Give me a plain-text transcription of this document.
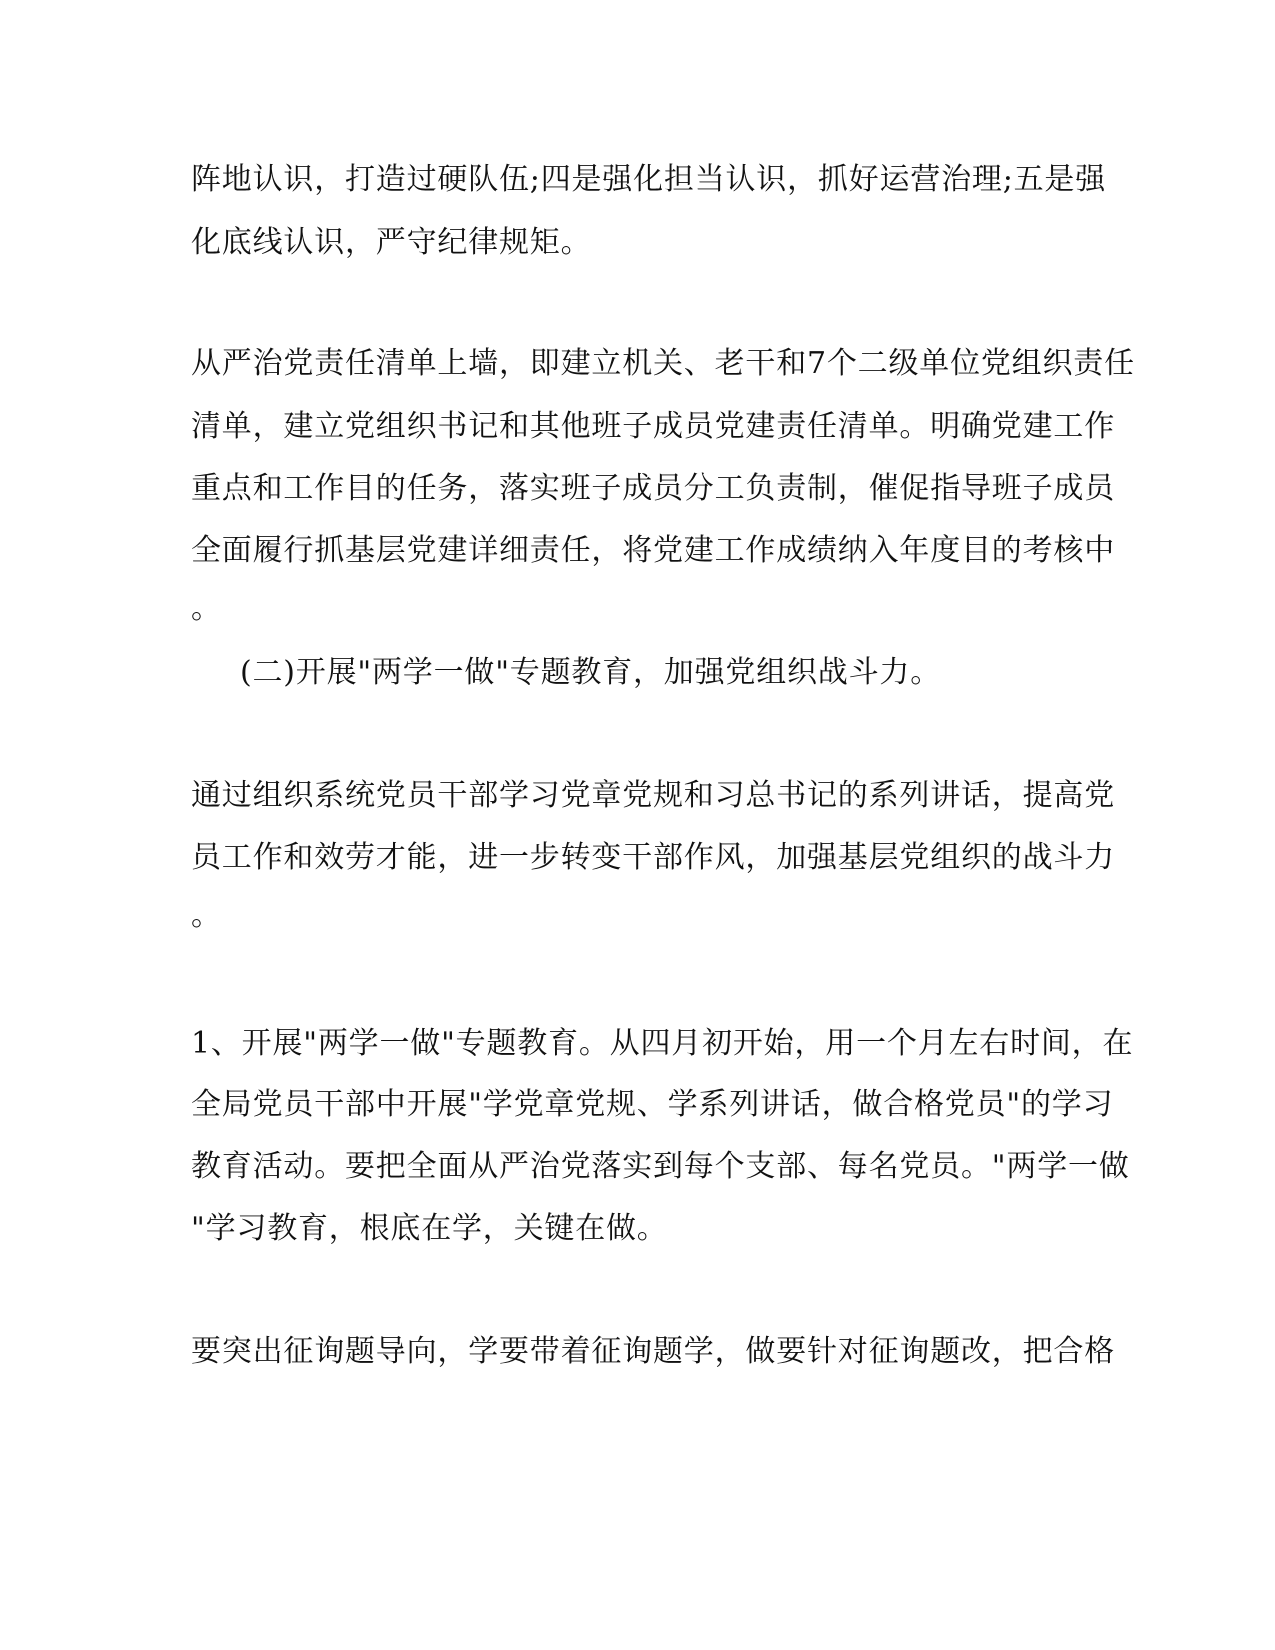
阵地认识，打造过硬队伍;四是强化担当认识，抓好运营治理;五是强
化底线认识，严守纪律规矩。
从严治党责任清单上墙，即建立机关、老干和7个二级单位党组织责任
清单，建立党组织书记和其他班子成员党建责任清单。明确党建工作
重点和工作目的任务，落实班子成员分工负责制，催促指导班子成员
全面履行抓基层党建详细责任，将党建工作成绩纳入年度目的考核中
。
(二)开展"两学一做"专题教育，加强党组织战斗力。
通过组织系统党员干部学习党章党规和习总书记的系列讲话，提高党
员工作和效劳才能，进一步转变干部作风，加强基层党组织的战斗力
。
1、开展"两学一做"专题教育。从四月初开始，用一个月左右时间，在
全局党员干部中开展"学党章党规、学系列讲话，做合格党员"的学习
教育活动。要把全面从严治党落实到每个支部、每名党员。"两学一做
"学习教育，根底在学，关键在做。
要突出征询题导向，学要带着征询题学，做要针对征询题改，把合格
